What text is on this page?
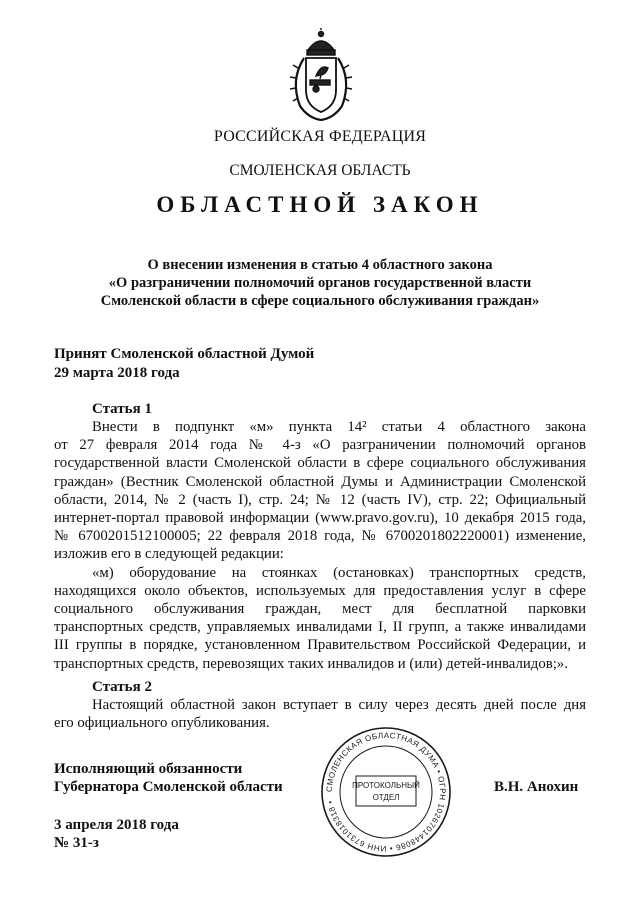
РОССИЙСКАЯ ФЕДЕРАЦИЯ
СМОЛЕНСКАЯ ОБЛАСТЬ
ОБЛАСТНОЙ ЗАКОН
О внесении изменения в статью 4 областного закона
«О разграничении полномочий органов государственной власти
Смоленской области в сфере социального обслуживания граждан»
Принят Смоленской областной Думой
29 марта 2018 года
Статья 1
Внести в подпункт «м» пункта 14² статьи 4 областного закона
от 27 февраля 2014 года № 4-з «О разграничении полномочий органов
государственной власти Смоленской области в сфере социального обслуживания
граждан» (Вестник Смоленской областной Думы и Администрации Смоленской
области, 2014, № 2 (часть I), стр. 24; № 12 (часть IV), стр. 22; Официальный
интернет-портал правовой информации (www.pravo.gov.ru), 10 декабря 2015 года,
№ 6700201512100005; 22 февраля 2018 года, № 6700201802220001) изменение,
изложив его в следующей редакции:
«м) оборудование на стоянках (остановках) транспортных средств,
находящихся около объектов, используемых для предоставления услуг в сфере
социального обслуживания граждан, мест для бесплатной парковки
транспортных средств, управляемых инвалидами I, II групп, а также инвалидами
III группы в порядке, установленном Правительством Российской Федерации, и
транспортных средств, перевозящих таких инвалидов и (или) детей-инвалидов;».
Статья 2
Настоящий областной закон вступает в силу через десять дней после дня
его официального опубликования.
Исполняющий обязанности
Губернатора Смоленской области	В.Н. Анохин
3 апреля 2018 года
№ 31-з
СМОЛЕНСКАЯ ОБЛАСТНАЯ ДУМА • ОГРН 1026701448086 • ИНН 6731018318 •
ПРОТОКОЛЬНЫЙ
ОТДЕЛ
